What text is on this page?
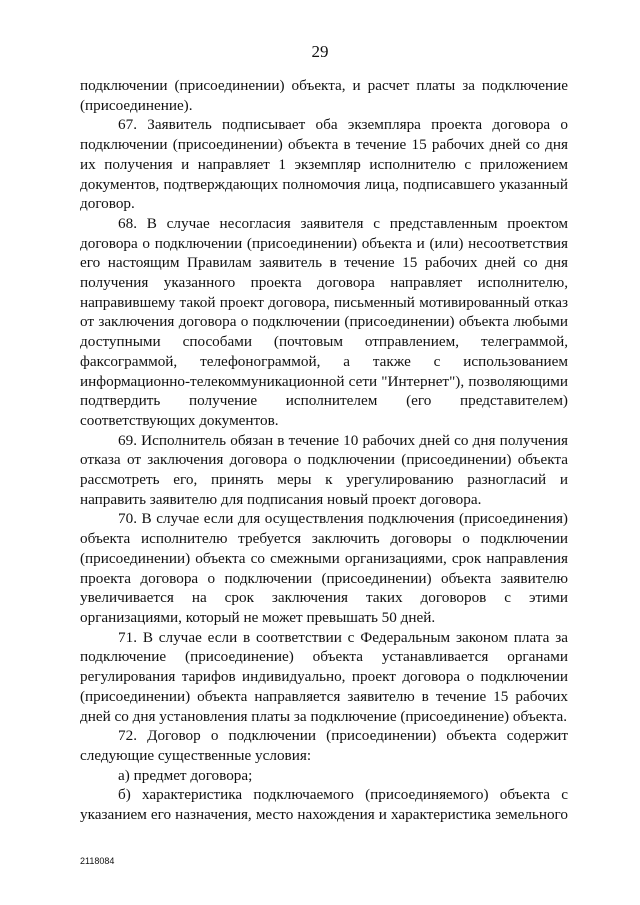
29

подключении (присоединении) объекта, и расчет платы за подключение (присоединение).

67. Заявитель подписывает оба экземпляра проекта договора о подключении (присоединении) объекта в течение 15 рабочих дней со дня их получения и направляет 1 экземпляр исполнителю с приложением документов, подтверждающих полномочия лица, подписавшего указанный договор.

68. В случае несогласия заявителя с представленным проектом договора о подключении (присоединении) объекта и (или) несоответствия его настоящим Правилам заявитель в течение 15 рабочих дней со дня получения указанного проекта договора направляет исполнителю, направившему такой проект договора, письменный мотивированный отказ от заключения договора о подключении (присоединении) объекта любыми доступными способами (почтовым отправлением, телеграммой, факсограммой, телефонограммой, а также с использованием информационно-телекоммуникационной сети "Интернет"), позволяющими подтвердить получение исполнителем (его представителем) соответствующих документов.

69. Исполнитель обязан в течение 10 рабочих дней со дня получения отказа от заключения договора о подключении (присоединении) объекта рассмотреть его, принять меры к урегулированию разногласий и направить заявителю для подписания новый проект договора.

70. В случае если для осуществления подключения (присоединения) объекта исполнителю требуется заключить договоры о подключении (присоединении) объекта со смежными организациями, срок направления проекта договора о подключении (присоединении) объекта заявителю увеличивается на срок заключения таких договоров с этими организациями, который не может превышать 50 дней.

71. В случае если в соответствии с Федеральным законом плата за подключение (присоединение) объекта устанавливается органами регулирования тарифов индивидуально, проект договора о подключении (присоединении) объекта направляется заявителю в течение 15 рабочих дней со дня установления платы за подключение (присоединение) объекта.

72. Договор о подключении (присоединении) объекта содержит следующие существенные условия:

а) предмет договора;

б) характеристика подключаемого (присоединяемого) объекта с указанием его назначения, место нахождения и характеристика земельного

2118084
